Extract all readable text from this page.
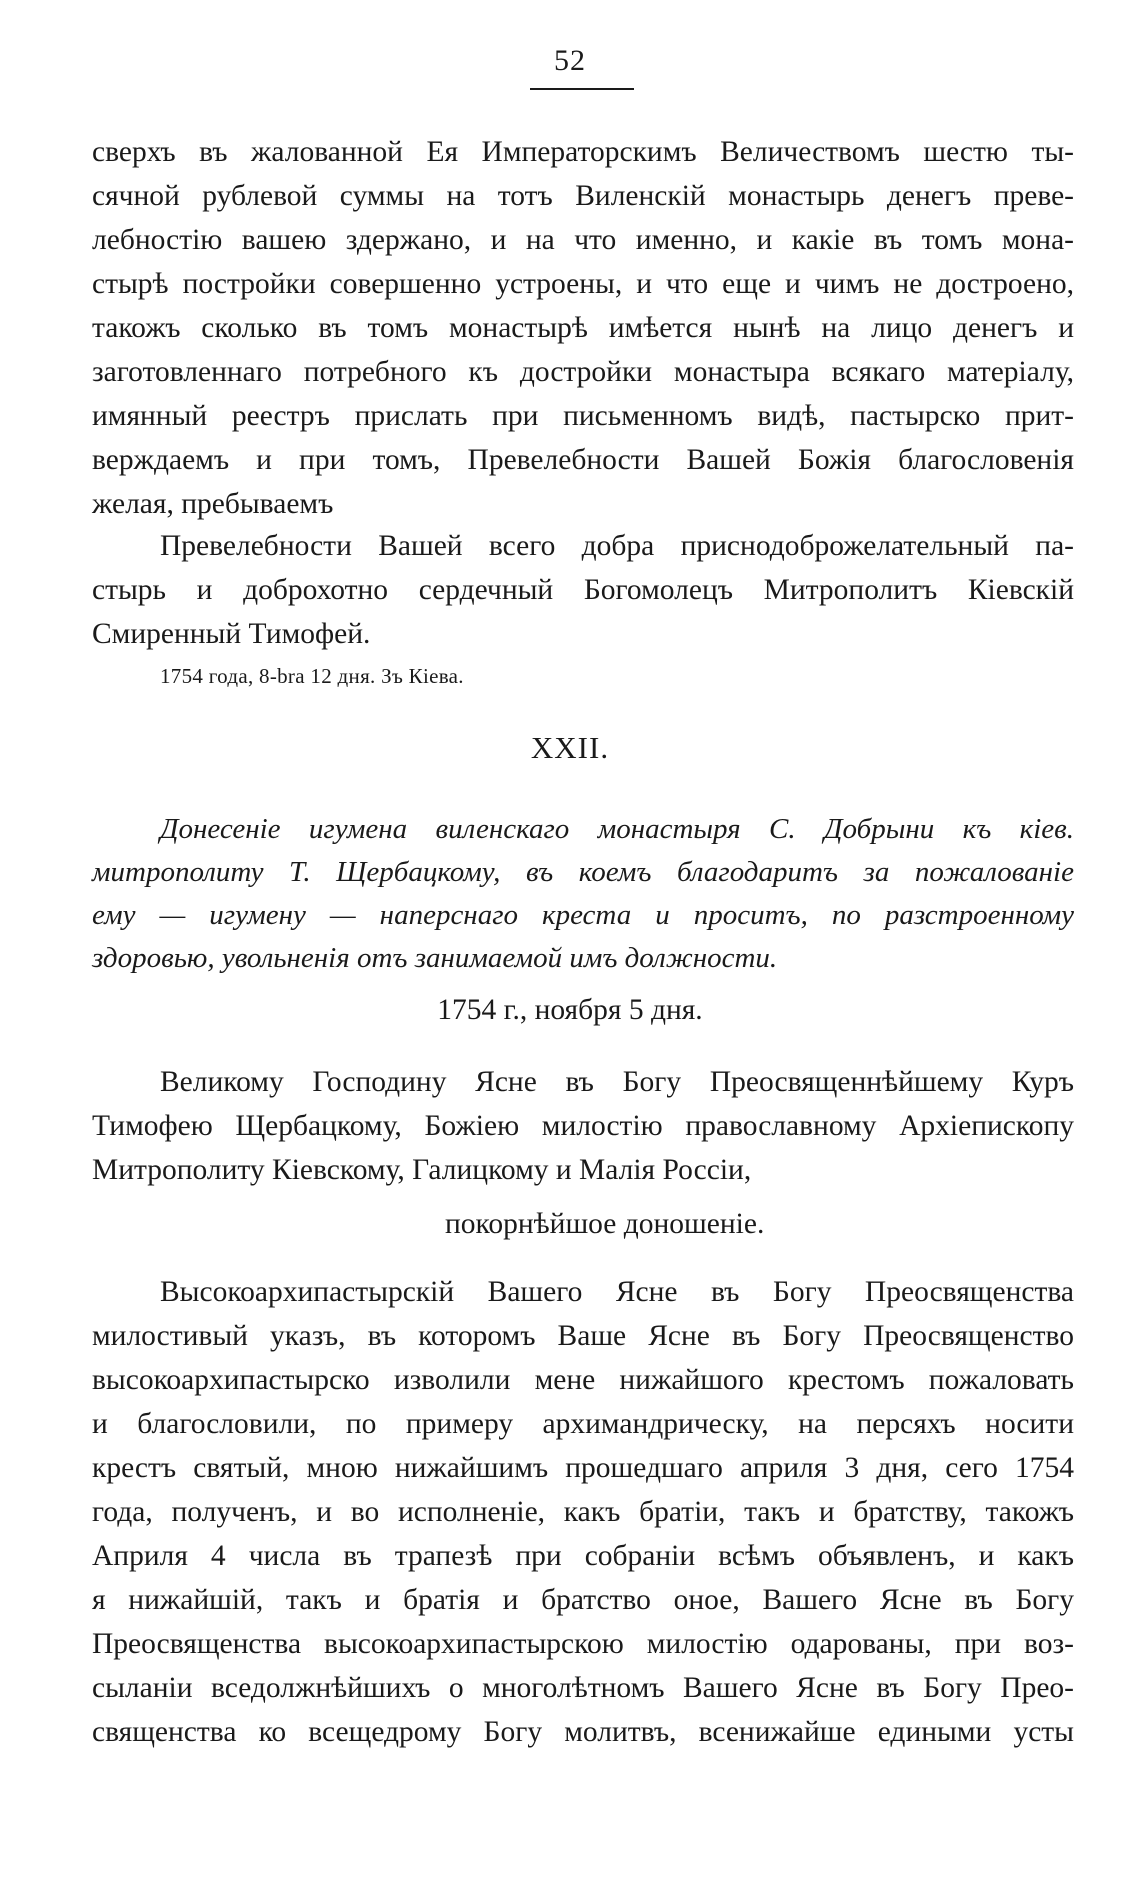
52
сверхъ въ жалованной Ея Императорскимъ Величествомъ шестю ты-
сячной рублевой суммы на тотъ Виленскій монастырь денегъ прeве-
лебностію вашею здержано, и на что именно, и какіе въ томъ мона-
стырѣ постройки совершенно устроены, и что еще и чимъ не достроено,
такожъ сколько въ томъ монастырѣ имѣется нынѣ на лицо денегъ и
заготовленнаго потребного къ достройки монастыра всякаго матеріалу,
имянный реестръ прислать при письменномъ видѣ, пастырско прит-
верждаемъ и при томъ, Превелебности Вашей Божія благословенія
желая, пребываемъ
Превелебности Вашей всего добра приснодоброжелательный па-
стырь и доброхотно сердечный Богомолецъ Митрополитъ Кіевскій
Смиренный Тимофей.
1754 года, 8-bra 12 дня. Зъ Кіева.
XXII.
Донесеніе игумена виленскаго монастыря С. Добрыни къ кіев.
митрополиту Т. Щербацкому, въ коемъ благодаритъ за пожалованіе
ему — игумену — наперснаго креста и проситъ, по разстроенному
здоровью, увольненія отъ занимаемой имъ должности.
1754 г., ноября 5 дня.
Великому Господину Ясне въ Богу Преосвященнѣйшему Куръ
Тимофею Щербацкому, Божіею милостію православному Архіепископу
Митрополиту Кіевскому, Галицкому и Малія Россіи,
покорнѣйшое доношеніе.
Высокоархипастырскій Вашего Ясне въ Богу Преосвященства
милостивый указъ, въ которомъ Ваше Ясне въ Богу Преосвященство
высокоархипастырско изволили мене нижайшого крестомъ пожаловать
и благословили, по примеру архимандрическу, на персяхъ носити
крестъ святый, мною нижайшимъ прошедшаго априля 3 дня, сего 1754
года, полученъ, и во исполненіе, какъ братіи, такъ и братству, такожъ
Априля 4 числа въ трапезѣ при собраніи всѣмъ объявленъ, и какъ
я нижайшій, такъ и братія и братство оное, Вашего Ясне въ Богу
Преосвященства высокоархипастырскою милостію одарованы, при воз-
сыланіи вседолжнѣйшихъ о многолѣтномъ Вашего Ясне въ Богу Прео-
священства ко всещедрому Богу молитвъ, всенижайше едиными усты
